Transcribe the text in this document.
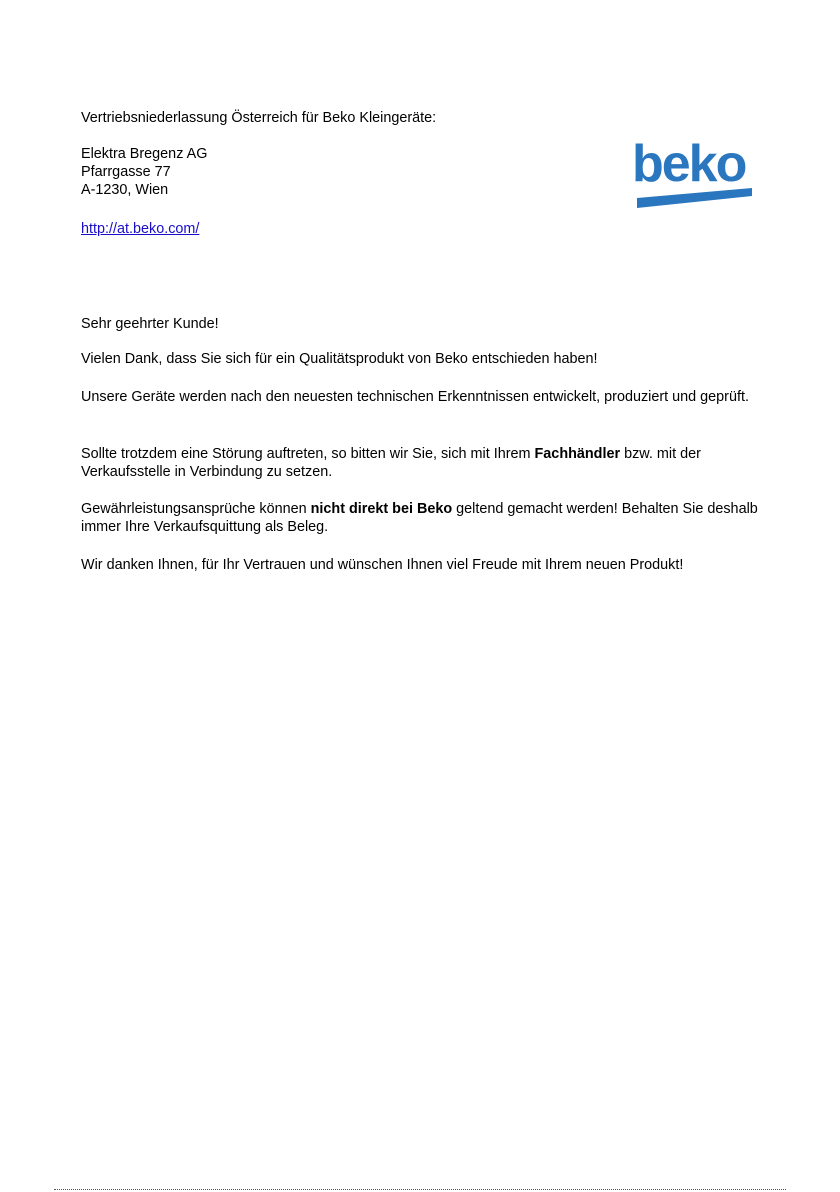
Vertriebsniederlassung Österreich für Beko Kleingeräte:
Elektra Bregenz AG
Pfarrgasse 77
A-1230, Wien
http://at.beko.com/
beko
Sehr geehrter Kunde!
Vielen Dank, dass Sie sich für ein Qualitätsprodukt von Beko entschieden haben!
Unsere Geräte werden nach den neuesten technischen Erkenntnissen entwickelt, produziert und geprüft.
Sollte trotzdem eine Störung auftreten, so bitten wir Sie, sich mit Ihrem Fachhändler bzw. mit der Verkaufsstelle in Verbindung zu setzen.
Gewährleistungsansprüche können nicht direkt bei Beko geltend gemacht werden! Behalten Sie deshalb immer Ihre Verkaufsquittung als Beleg.
Wir danken Ihnen, für Ihr Vertrauen und wünschen Ihnen viel Freude mit Ihrem neuen Produkt!
